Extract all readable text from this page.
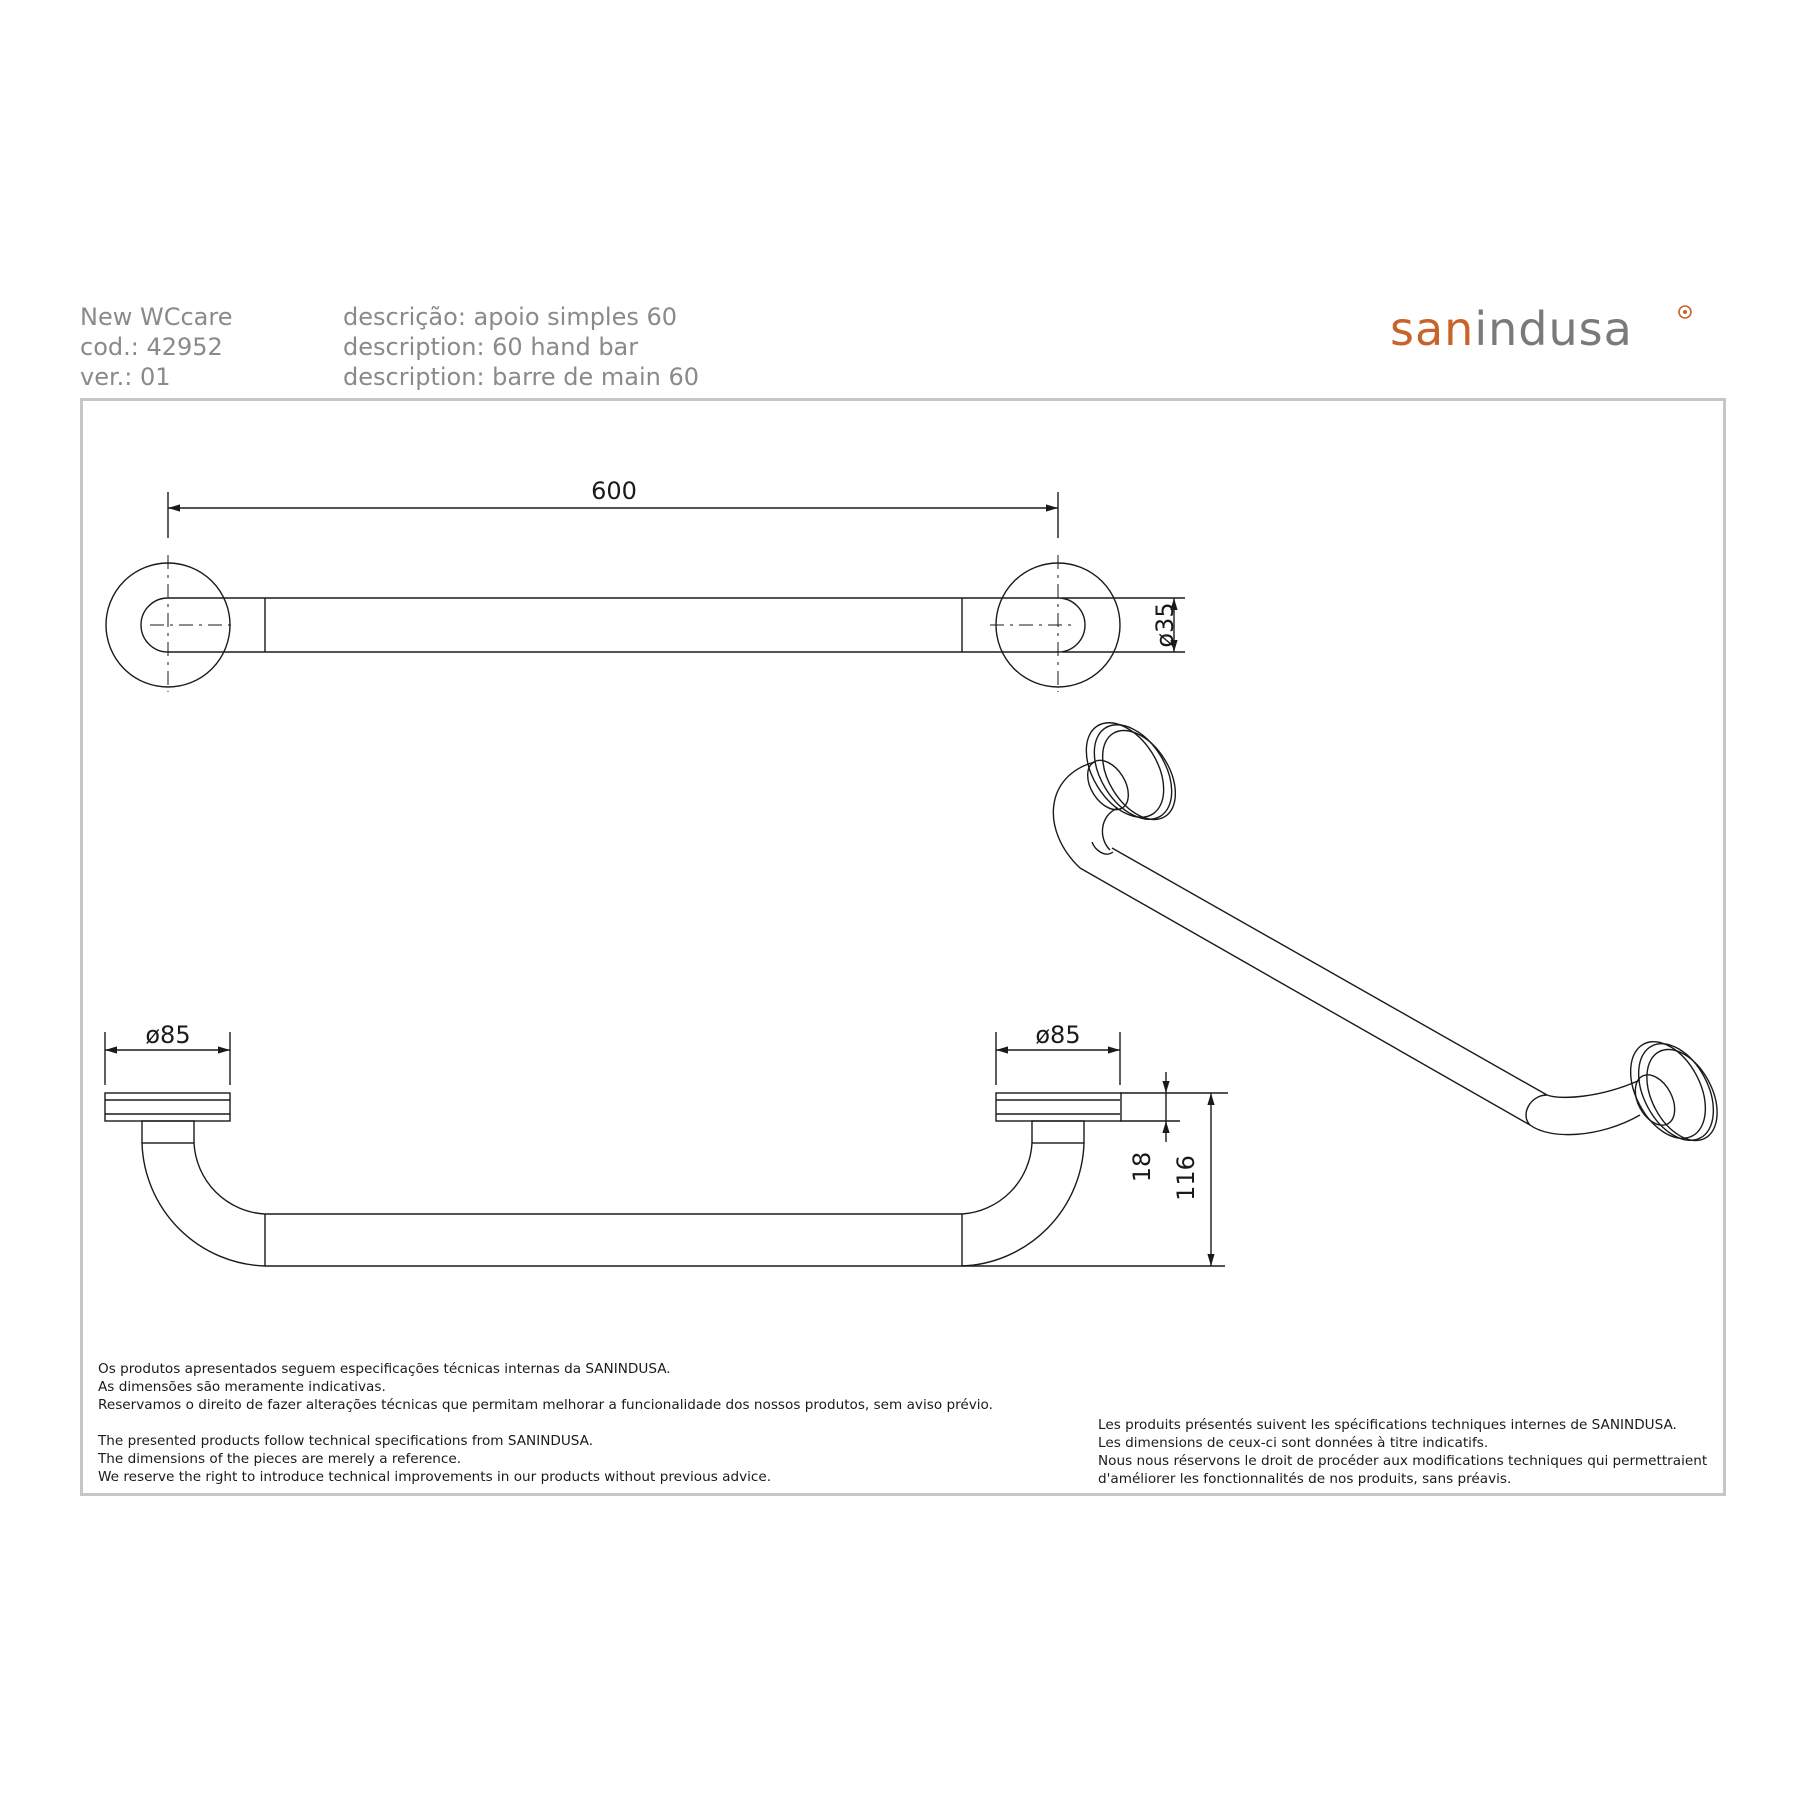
New WCcare
cod.: 42952
ver.: 01
descrição: apoio simples 60
description: 60 hand bar
description: barre de main 60
sanindusa
600
ø35
ø85	ø85
18 116
Os produtos apresentados seguem especificações técnicas internas da SANINDUSA.
As dimensões são meramente indicativas.
Reservamos o direito de fazer alterações técnicas que permitam melhorar a funcionalidade dos nossos produtos, sem aviso prévio.
The presented products follow technical specifications from SANINDUSA.
The dimensions of the pieces are merely a reference.
We reserve the right to introduce technical improvements in our products without previous advice.
Les produits présentés suivent les spécifications techniques internes de SANINDUSA.
Les dimensions de ceux-ci sont données à titre indicatifs.
Nous nous réservons le droit de procéder aux modifications techniques qui permettraient
d'améliorer les fonctionnalités de nos produits, sans préavis.
